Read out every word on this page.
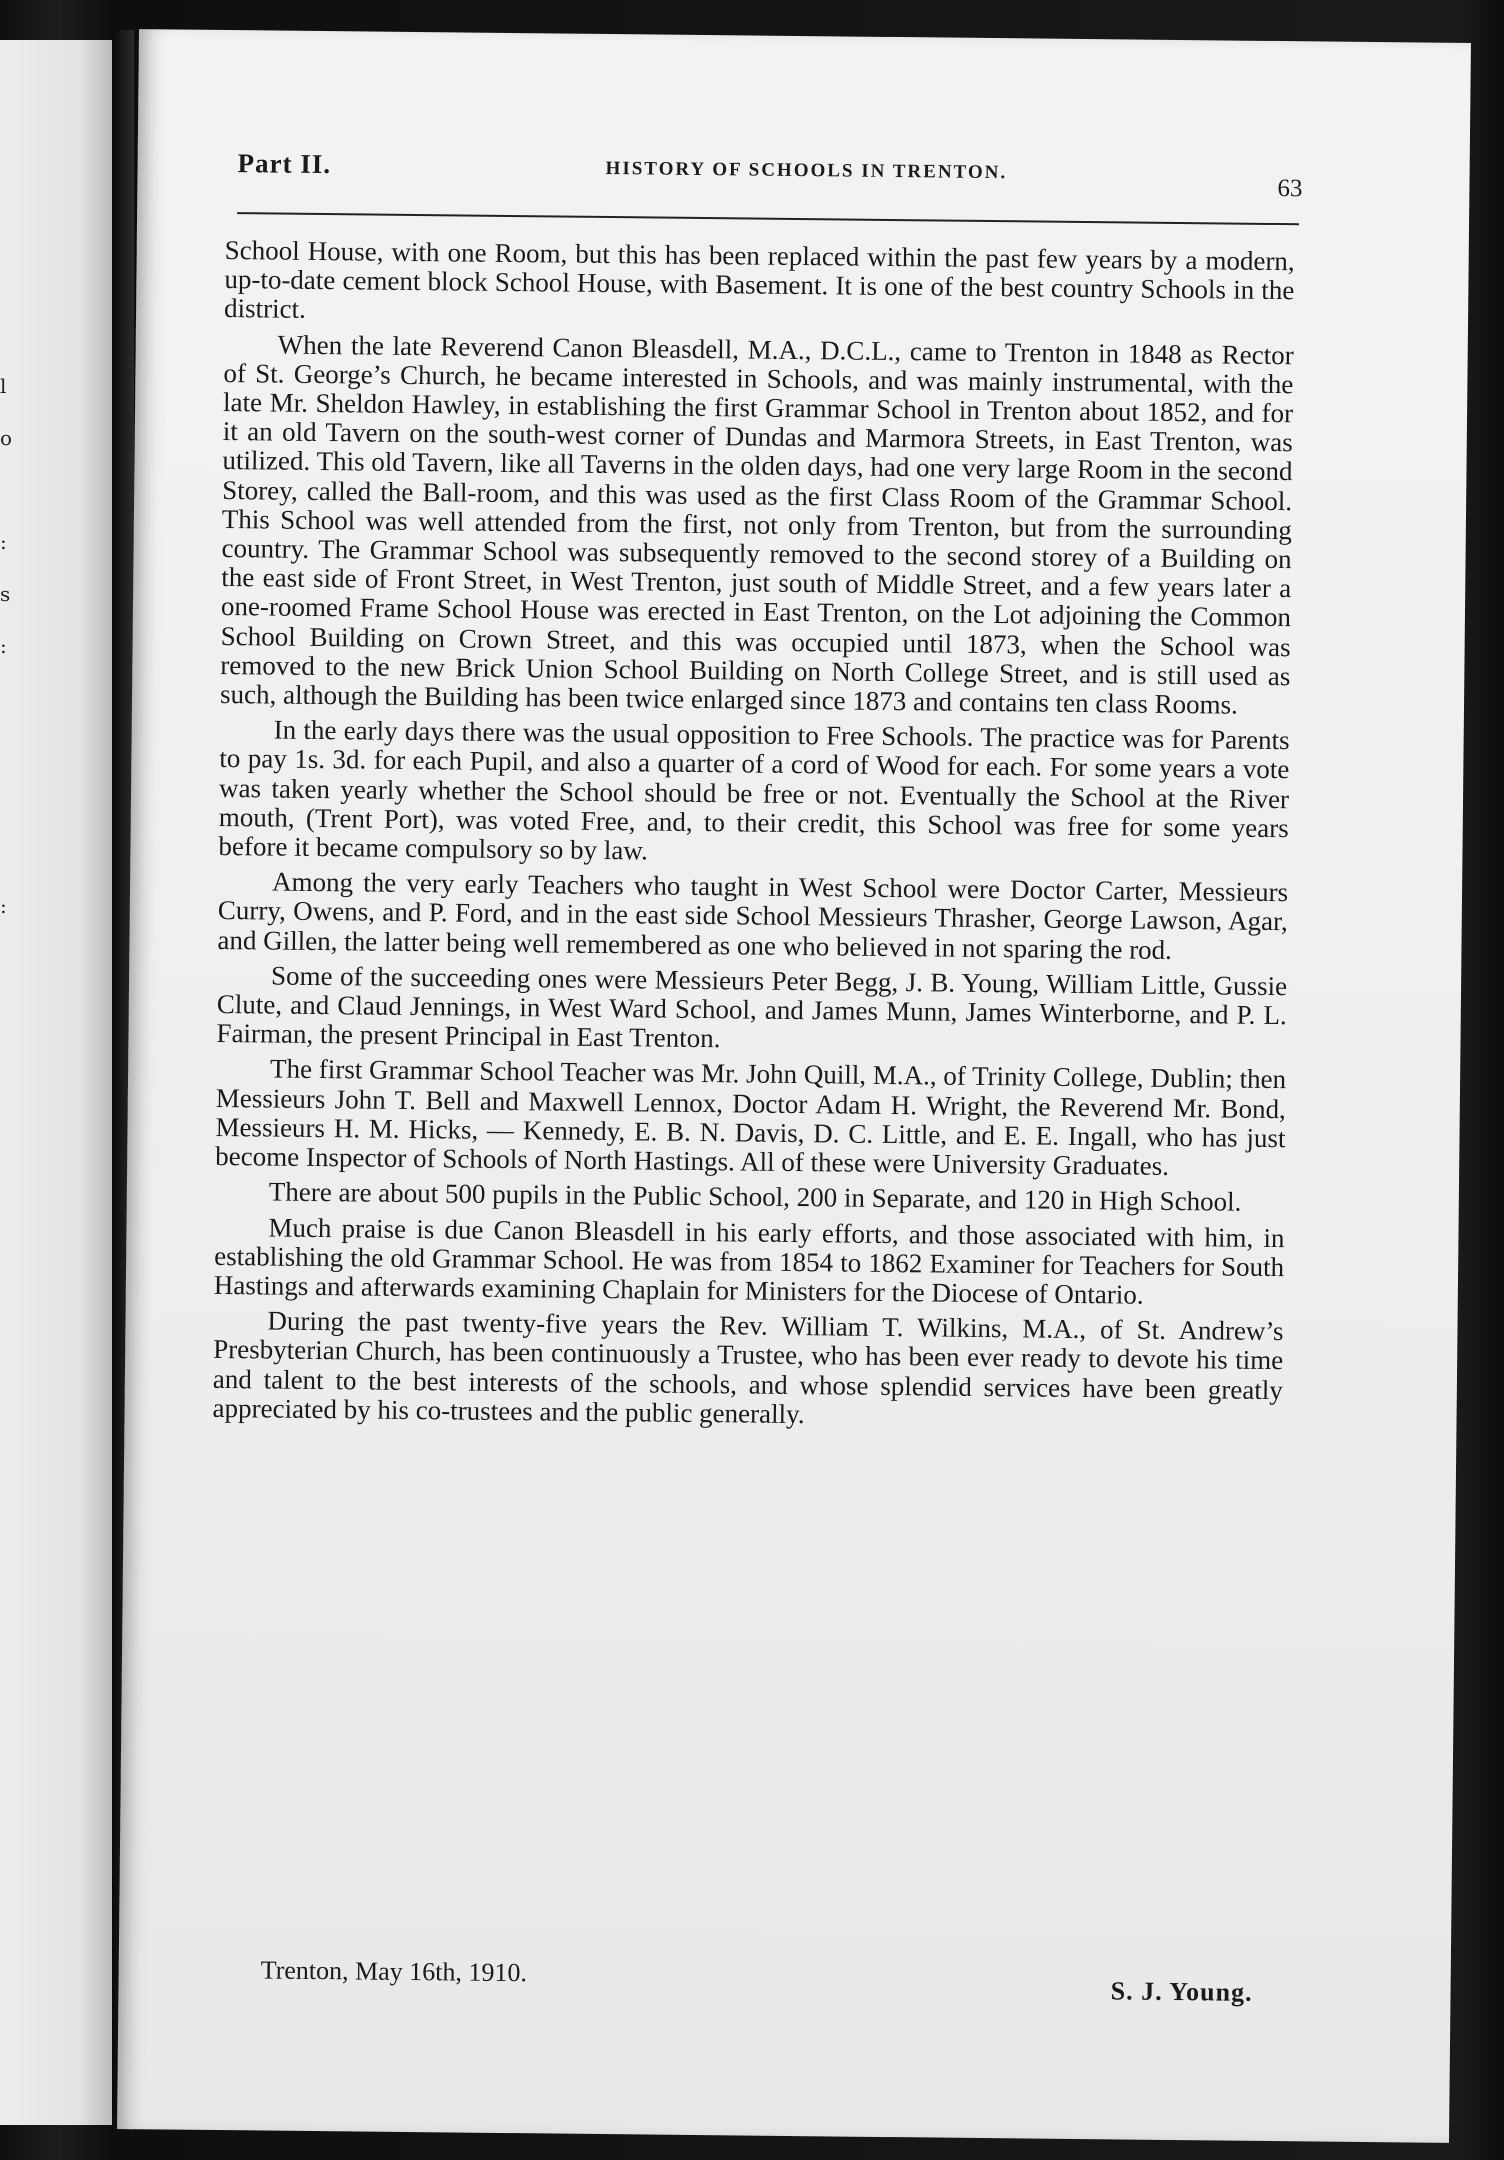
l
o

:
s
:

:
Part II.	HISTORY OF SCHOOLS IN TRENTON.
63

School House, with one Room, but this has been replaced within the past few years by a modern, up-to-date cement block School House, with Basement. It is one of the best country Schools in the district.

When the late Reverend Canon Bleasdell, M.A., D.C.L., came to Trenton in 1848 as Rector of St. George’s Church, he became interested in Schools, and was mainly instrumental, with the late Mr. Sheldon Hawley, in establishing the first Grammar School in Trenton about 1852, and for it an old Tavern on the south-west corner of Dundas and Marmora Streets, in East Trenton, was utilized. This old Tavern, like all Taverns in the olden days, had one very large Room in the second Storey, called the Ball-room, and this was used as the first Class Room of the Grammar School. This School was well attended from the first, not only from Trenton, but from the surrounding country. The Grammar School was subsequently removed to the second storey of a Building on the east side of Front Street, in West Trenton, just south of Middle Street, and a few years later a one-roomed Frame School House was erected in East Trenton, on the Lot adjoining the Common School Building on Crown Street, and this was occupied until 1873, when the School was removed to the new Brick Union School Building on North College Street, and is still used as such, although the Building has been twice enlarged since 1873 and contains ten class Rooms.

In the early days there was the usual opposition to Free Schools. The practice was for Parents to pay 1s. 3d. for each Pupil, and also a quarter of a cord of Wood for each. For some years a vote was taken yearly whether the School should be free or not. Eventually the School at the River mouth, (Trent Port), was voted Free, and, to their credit, this School was free for some years before it became compulsory so by law.

Among the very early Teachers who taught in West School were Doctor Carter, Messieurs Curry, Owens, and P. Ford, and in the east side School Messieurs Thrasher, George Lawson, Agar, and Gillen, the latter being well remembered as one who believed in not sparing the rod.

Some of the succeeding ones were Messieurs Peter Begg, J. B. Young, William Little, Gussie Clute, and Claud Jennings, in West Ward School, and James Munn, James Winterborne, and P. L. Fairman, the present Principal in East Trenton.

The first Grammar School Teacher was Mr. John Quill, M.A., of Trinity College, Dublin; then Messieurs John T. Bell and Maxwell Lennox, Doctor Adam H. Wright, the Reverend Mr. Bond, Messieurs H. M. Hicks, — Kennedy, E. B. N. Davis, D. C. Little, and E. E. Ingall, who has just become Inspector of Schools of North Hastings. All of these were University Graduates.

There are about 500 pupils in the Public School, 200 in Separate, and 120 in High School.

Much praise is due Canon Bleasdell in his early efforts, and those associated with him, in establishing the old Grammar School. He was from 1854 to 1862 Examiner for Teachers for South Hastings and afterwards examining Chaplain for Ministers for the Diocese of Ontario.

During the past twenty-five years the Rev. William T. Wilkins, M.A., of St. Andrew’s Presbyterian Church, has been continuously a Trustee, who has been ever ready to devote his time and talent to the best interests of the schools, and whose splendid services have been greatly appreciated by his co-trustees and the public generally.

Trenton, May 16th, 1910.
S. J. Young.
